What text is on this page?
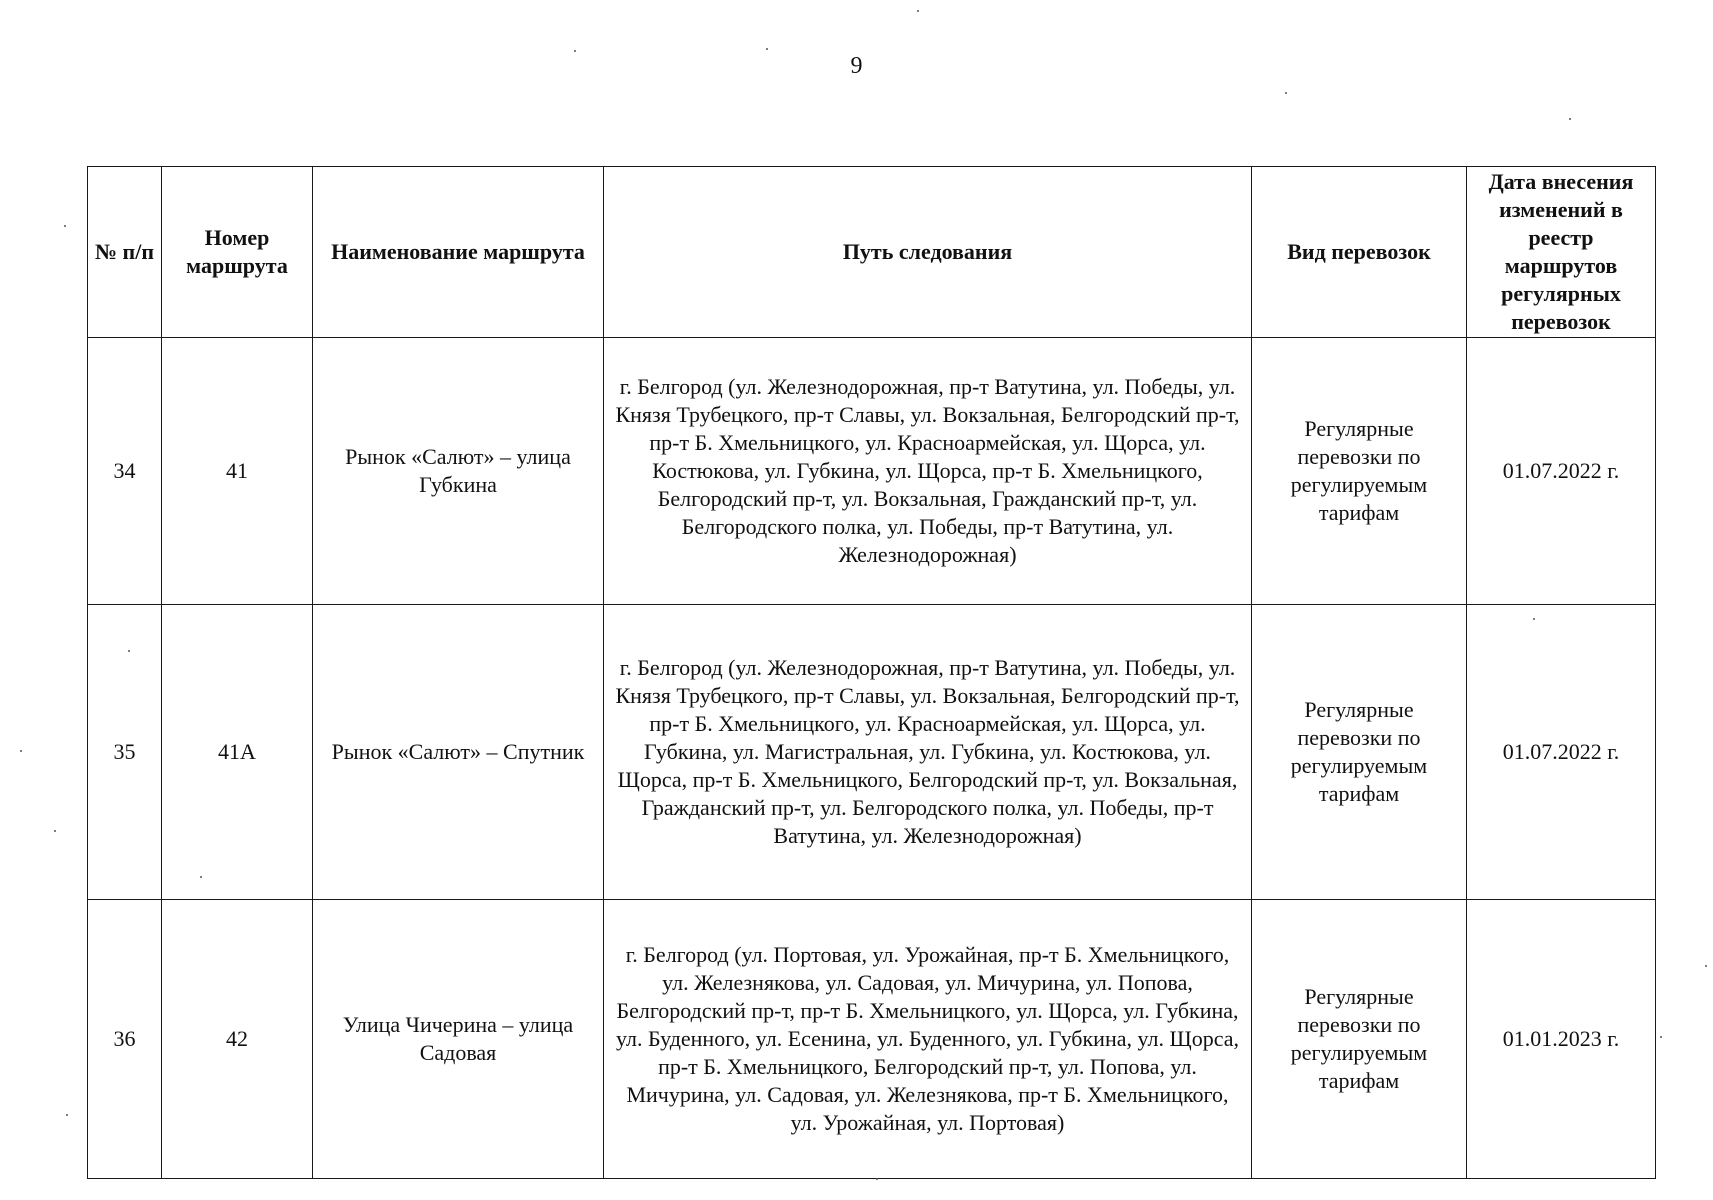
9
№ п/п	Номер маршрута	Наименование маршрута	Путь следования	Вид перевозок	Дата внесения изменений в реестр маршрутов регулярных перевозок
34	41	Рынок «Салют» – улица Губкина	г. Белгород (ул. Железнодорожная, пр-т Ватутина, ул. Победы, ул. Князя Трубецкого, пр-т Славы, ул. Вокзальная, Белгородский пр-т, пр-т Б. Хмельницкого, ул. Красноармейская, ул. Щорса, ул. Костюкова, ул. Губкина, ул. Щорса, пр-т Б. Хмельницкого, Белгородский пр-т, ул. Вокзальная, Гражданский пр-т, ул. Белгородского полка, ул. Победы, пр-т Ватутина, ул. Железнодорожная)	Регулярные перевозки по регулируемым тарифам	01.07.2022 г.
35	41А	Рынок «Салют» – Спутник	г. Белгород (ул. Железнодорожная, пр-т Ватутина, ул. Победы, ул. Князя Трубецкого, пр-т Славы, ул. Вокзальная, Белгородский пр-т, пр-т Б. Хмельницкого, ул. Красноармейская, ул. Щорса, ул. Губкина, ул. Магистральная, ул. Губкина, ул. Костюкова, ул. Щорса, пр-т Б. Хмельницкого, Белгородский пр-т, ул. Вокзальная, Гражданский пр-т, ул. Белгородского полка, ул. Победы, пр-т Ватутина, ул. Железнодорожная)	Регулярные перевозки по регулируемым тарифам	01.07.2022 г.
36	42	Улица Чичерина – улица Садовая	г. Белгород (ул. Портовая, ул. Урожайная, пр-т Б. Хмельницкого, ул. Железнякова, ул. Садовая, ул. Мичурина, ул. Попова, Белгородский пр-т, пр-т Б. Хмельницкого, ул. Щорса, ул. Губкина, ул. Буденного, ул. Есенина, ул. Буденного, ул. Губкина, ул. Щорса, пр-т Б. Хмельницкого, Белгородский пр-т, ул. Попова, ул. Мичурина, ул. Садовая, ул. Железнякова, пр-т Б. Хмельницкого, ул. Урожайная, ул. Портовая)	Регулярные перевозки по регулируемым тарифам	01.01.2023 г.
